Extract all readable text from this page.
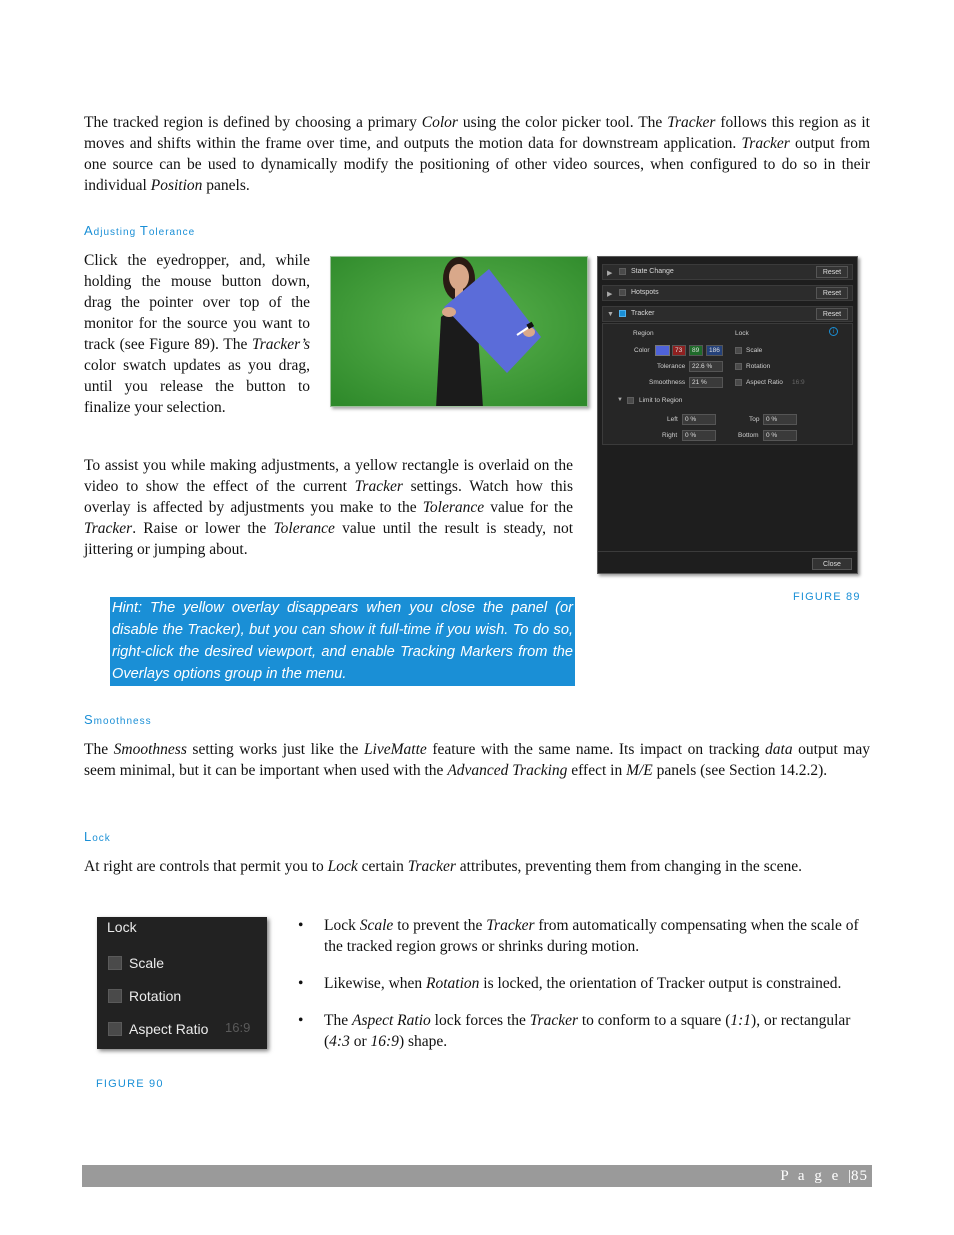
The tracked region is defined by choosing a primary Color using the color picker tool. The Tracker follows this region as it moves and shifts within the frame over time, and outputs the motion data for downstream application. Tracker output from one source can be used to dynamically modify the positioning of other video sources, when configured to do so in their individual Position panels.

Adjusting Tolerance

Click the eyedropper, and, while holding the mouse button down, drag the pointer over top of the monitor for the source you want to track (see Figure 89). The Tracker’s color swatch updates as you drag, until you release the button to finalize your selection.

▶	State Change	Reset
▶	Hotspots	Reset
▼ Tracker	Reset
Region	Lock	i
Color	73	89	186
Tolerance	22.6 %
Smoothness	21 %
Scale
Rotation
Aspect Ratio 16:9
▼ Limit to Region
Left	0 %	Top	0 %
Right	0 %	Bottom	0 %
Close

To assist you while making adjustments, a yellow rectangle is overlaid on the video to show the effect of the current Tracker settings. Watch how this overlay is affected by adjustments you make to the Tolerance value for the Tracker. Raise or lower the Tolerance value until the result is steady, not jittering or jumping about.

FIGURE 89
Hint: The yellow overlay disappears when you close the panel (or disable the Tracker), but you can show it full-time if you wish. To do so, right-click the desired viewport, and enable Tracking Markers from the Overlays options group in the menu.
Smoothness

The Smoothness setting works just like the LiveMatte feature with the same name. Its impact on tracking data output may seem minimal, but it can be important when used with the Advanced Tracking effect in M/E panels (see Section 14.2.2).

Lock

At right are controls that permit you to Lock certain Tracker attributes, preventing them from changing in the scene.

Lock
Scale
Rotation
Aspect Ratio 16:9
• Lock Scale to prevent the Tracker from automatically compensating when the scale of the tracked region grows or shrinks during motion.
• Likewise, when Rotation is locked, the orientation of Tracker output is constrained.
• The Aspect Ratio lock forces the Tracker to conform to a square (1:1), or rectangular (4:3 or 16:9) shape.
FIGURE 90
P a g e |85
